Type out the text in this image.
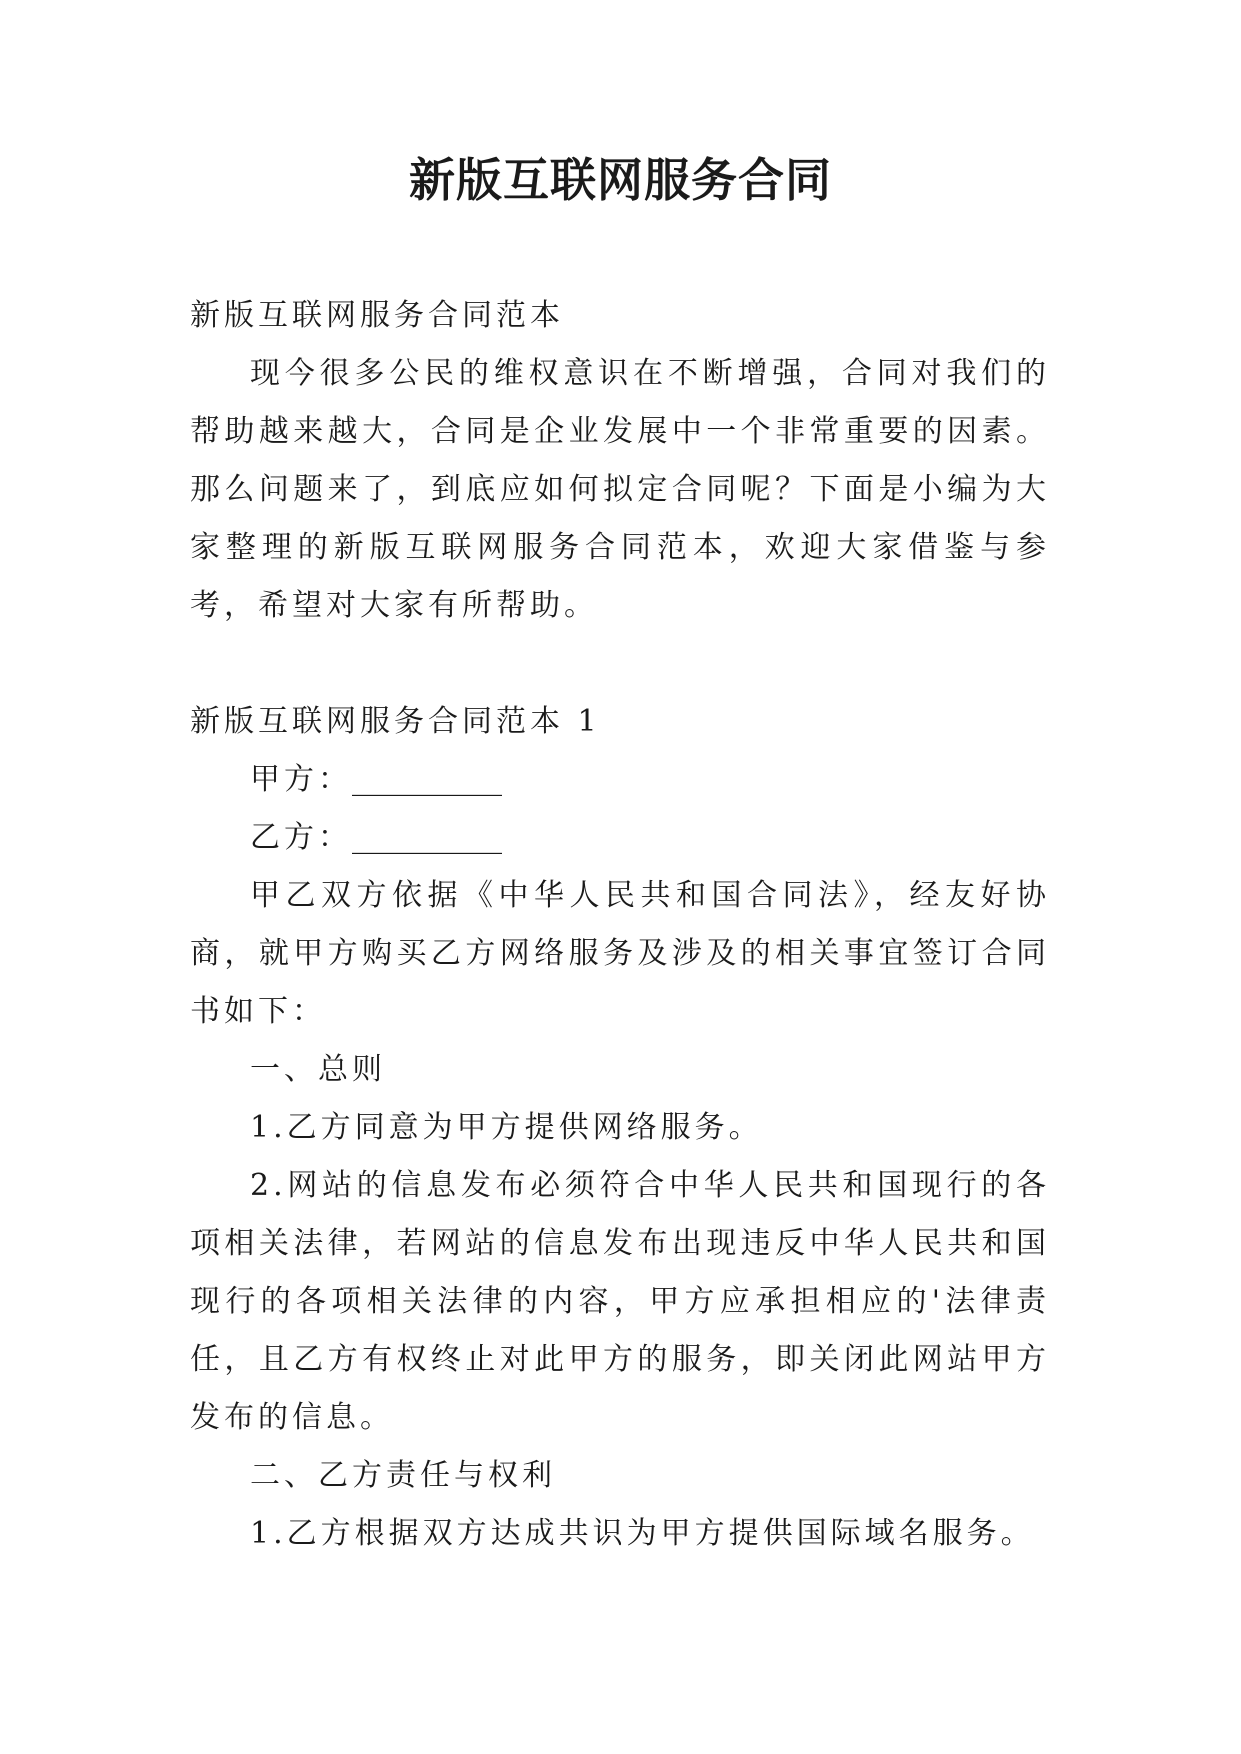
新版互联网服务合同

新版互联网服务合同范本

现今很多公民的维权意识在不断增强，合同对我们的帮助越来越大，合同是企业发展中一个非常重要的因素。那么问题来了，到底应如何拟定合同呢？下面是小编为大家整理的新版互联网服务合同范本，欢迎大家借鉴与参考，希望对大家有所帮助。

新版互联网服务合同范本 1

甲方：__________

乙方：__________

甲乙双方依据《中华人民共和国合同法》，经友好协商，就甲方购买乙方网络服务及涉及的相关事宜签订合同书如下：

一、总则

1.乙方同意为甲方提供网络服务。

2.网站的信息发布必须符合中华人民共和国现行的各项相关法律，若网站的信息发布出现违反中华人民共和国现行的各项相关法律的内容，甲方应承担相应的'法律责任，且乙方有权终止对此甲方的服务，即关闭此网站甲方发布的信息。

二、乙方责任与权利

1.乙方根据双方达成共识为甲方提供国际域名服务。
